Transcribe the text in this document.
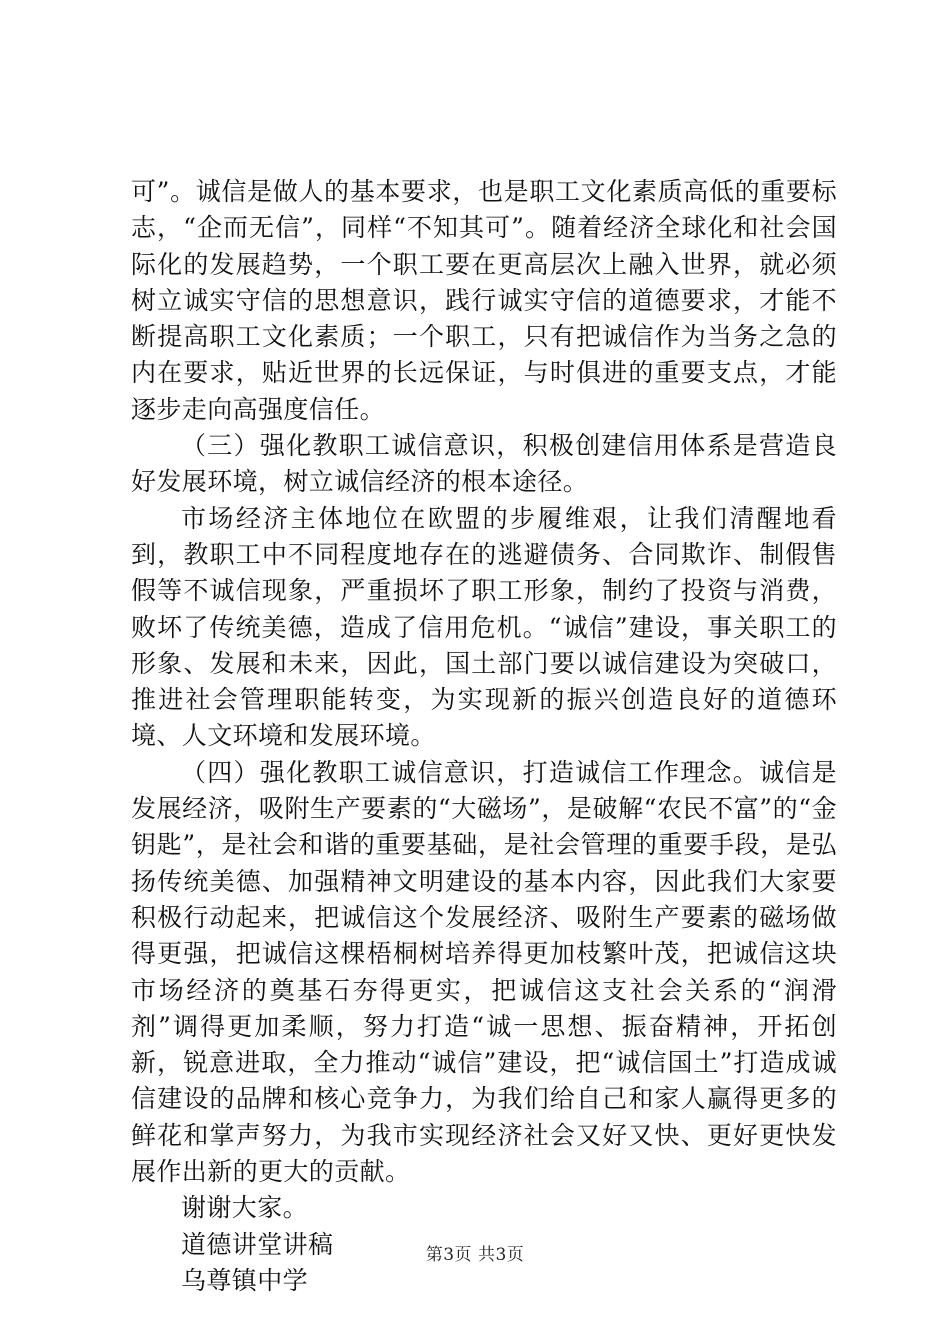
可”。诚信是做人的基本要求，也是职工文化素质高低的重要标志，“企而无信”，同样“不知其可”。随着经济全球化和社会国际化的发展趋势，一个职工要在更高层次上融入世界，就必须树立诚实守信的思想意识，践行诚实守信的道德要求，才能不断提高职工文化素质；一个职工，只有把诚信作为当务之急的内在要求，贴近世界的长远保证，与时俱进的重要支点，才能逐步走向高强度信任。

（三）强化教职工诚信意识，积极创建信用体系是营造良好发展环境，树立诚信经济的根本途径。

市场经济主体地位在欧盟的步履维艰，让我们清醒地看到，教职工中不同程度地存在的逃避债务、合同欺诈、制假售假等不诚信现象，严重损坏了职工形象，制约了投资与消费，败坏了传统美德，造成了信用危机。“诚信”建设，事关职工的形象、发展和未来，因此，国土部门要以诚信建设为突破口，推进社会管理职能转变，为实现新的振兴创造良好的道德环境、人文环境和发展环境。

（四）强化教职工诚信意识，打造诚信工作理念。诚信是发展经济，吸附生产要素的“大磁场”，是破解“农民不富”的“金钥匙”，是社会和谐的重要基础，是社会管理的重要手段，是弘扬传统美德、加强精神文明建设的基本内容，因此我们大家要积极行动起来，把诚信这个发展经济、吸附生产要素的磁场做得更强，把诚信这棵梧桐树培养得更加枝繁叶茂，把诚信这块市场经济的奠基石夯得更实，把诚信这支社会关系的“润滑剂”调得更加柔顺，努力打造“诚一思想、振奋精神，开拓创新，锐意进取，全力推动“诚信”建设，把“诚信国土”打造成诚信建设的品牌和核心竞争力，为我们给自己和家人赢得更多的鲜花和掌声努力，为我市实现经济社会又好又快、更好更快发展作出新的更大的贡献。

谢谢大家。

道德讲堂讲稿

乌尊镇中学

第3页 共3页
